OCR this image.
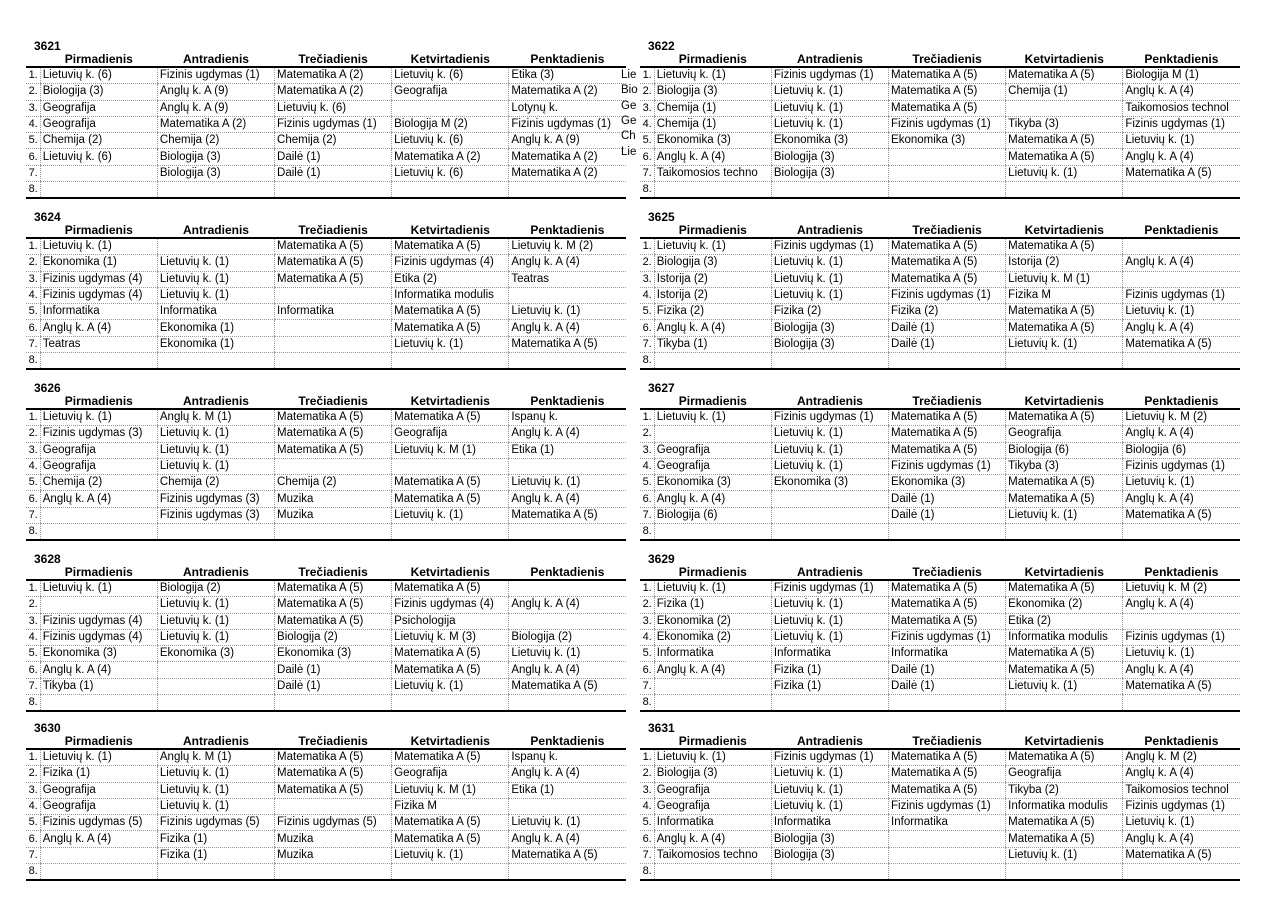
3621
	Pirmadienis	Antradienis	Trečiadienis	Ketvirtadienis	Penktadienis
1.	Lietuvių k. (6)	Fizinis ugdymas (1)	Matematika A (2)	Lietuvių k. (6)	Etika (3)
2.	Biologija (3)	Anglų k. A (9)	Matematika A (2)	Geografija	Matematika A (2)
3.	Geografija	Anglų k. A (9)	Lietuvių k. (6)		Lotynų k.
4.	Geografija	Matematika A (2)	Fizinis ugdymas (1)	Biologija M (2)	Fizinis ugdymas (1)
5.	Chemija (2)	Chemija (2)	Chemija (2)	Lietuvių k. (6)	Anglų k. A (9)
6.	Lietuvių k. (6)	Biologija (3)	Dailė (1)	Matematika A (2)	Matematika A (2)
7.		Biologija (3)	Dailė (1)	Lietuvių k. (6)	Matematika A (2)
8.					
3622
	Pirmadienis	Antradienis	Trečiadienis	Ketvirtadienis	Penktadienis
1.	Lietuvių k. (1)	Fizinis ugdymas (1)	Matematika A (5)	Matematika A (5)	Biologija M (1)
2.	Biologija (3)	Lietuvių k. (1)	Matematika A (5)	Chemija (1)	Anglų k. A (4)
3.	Chemija (1)	Lietuvių k. (1)	Matematika A (5)		Taikomosios technol
4.	Chemija (1)	Lietuvių k. (1)	Fizinis ugdymas (1)	Tikyba (3)	Fizinis ugdymas (1)
5.	Ekonomika (3)	Ekonomika (3)	Ekonomika (3)	Matematika A (5)	Lietuvių k. (1)
6.	Anglų k. A (4)	Biologija (3)		Matematika A (5)	Anglų k. A (4)
7.	Taikomosios techno	Biologija (3)		Lietuvių k. (1)	Matematika A (5)
8.					
3624
	Pirmadienis	Antradienis	Trečiadienis	Ketvirtadienis	Penktadienis
1.	Lietuvių k. (1)		Matematika A (5)	Matematika A (5)	Lietuvių k. M (2)
2.	Ekonomika (1)	Lietuvių k. (1)	Matematika A (5)	Fizinis ugdymas (4)	Anglų k. A (4)
3.	Fizinis ugdymas (4)	Lietuvių k. (1)	Matematika A (5)	Etika (2)	Teatras
4.	Fizinis ugdymas (4)	Lietuvių k. (1)		Informatika modulis	
5.	Informatika	Informatika	Informatika	Matematika A (5)	Lietuvių k. (1)
6.	Anglų k. A (4)	Ekonomika (1)		Matematika A (5)	Anglų k. A (4)
7.	Teatras	Ekonomika (1)		Lietuvių k. (1)	Matematika A (5)
8.					
3625
	Pirmadienis	Antradienis	Trečiadienis	Ketvirtadienis	Penktadienis
1.	Lietuvių k. (1)	Fizinis ugdymas (1)	Matematika A (5)	Matematika A (5)	
2.	Biologija (3)	Lietuvių k. (1)	Matematika A (5)	Istorija (2)	Anglų k. A (4)
3.	Istorija (2)	Lietuvių k. (1)	Matematika A (5)	Lietuvių k. M (1)	
4.	Istorija (2)	Lietuvių k. (1)	Fizinis ugdymas (1)	Fizika M	Fizinis ugdymas (1)
5.	Fizika (2)	Fizika (2)	Fizika (2)	Matematika A (5)	Lietuvių k. (1)
6.	Anglų k. A (4)	Biologija (3)	Dailė (1)	Matematika A (5)	Anglų k. A (4)
7.	Tikyba (1)	Biologija (3)	Dailė (1)	Lietuvių k. (1)	Matematika A (5)
8.					
3626
	Pirmadienis	Antradienis	Trečiadienis	Ketvirtadienis	Penktadienis
1.	Lietuvių k. (1)	Anglų k. M (1)	Matematika A (5)	Matematika A (5)	Ispanų k.
2.	Fizinis ugdymas (3)	Lietuvių k. (1)	Matematika A (5)	Geografija	Anglų k. A (4)
3.	Geografija	Lietuvių k. (1)	Matematika A (5)	Lietuvių k. M (1)	Etika (1)
4.	Geografija	Lietuvių k. (1)			
5.	Chemija (2)	Chemija (2)	Chemija (2)	Matematika A (5)	Lietuvių k. (1)
6.	Anglų k. A (4)	Fizinis ugdymas (3)	Muzika	Matematika A (5)	Anglų k. A (4)
7.		Fizinis ugdymas (3)	Muzika	Lietuvių k. (1)	Matematika A (5)
8.					
3627
	Pirmadienis	Antradienis	Trečiadienis	Ketvirtadienis	Penktadienis
1.	Lietuvių k. (1)	Fizinis ugdymas (1)	Matematika A (5)	Matematika A (5)	Lietuvių k. M (2)
2.		Lietuvių k. (1)	Matematika A (5)	Geografija	Anglų k. A (4)
3.	Geografija	Lietuvių k. (1)	Matematika A (5)	Biologija (6)	Biologija (6)
4.	Geografija	Lietuvių k. (1)	Fizinis ugdymas (1)	Tikyba (3)	Fizinis ugdymas (1)
5.	Ekonomika (3)	Ekonomika (3)	Ekonomika (3)	Matematika A (5)	Lietuvių k. (1)
6.	Anglų k. A (4)		Dailė (1)	Matematika A (5)	Anglų k. A (4)
7.	Biologija (6)		Dailė (1)	Lietuvių k. (1)	Matematika A (5)
8.					
3628
	Pirmadienis	Antradienis	Trečiadienis	Ketvirtadienis	Penktadienis
1.	Lietuvių k. (1)	Biologija (2)	Matematika A (5)	Matematika A (5)	
2.		Lietuvių k. (1)	Matematika A (5)	Fizinis ugdymas (4)	Anglų k. A (4)
3.	Fizinis ugdymas (4)	Lietuvių k. (1)	Matematika A (5)	Psichologija	
4.	Fizinis ugdymas (4)	Lietuvių k. (1)	Biologija (2)	Lietuvių k. M (3)	Biologija (2)
5.	Ekonomika (3)	Ekonomika (3)	Ekonomika (3)	Matematika A (5)	Lietuvių k. (1)
6.	Anglų k. A (4)		Dailė (1)	Matematika A (5)	Anglų k. A (4)
7.	Tikyba (1)		Dailė (1)	Lietuvių k. (1)	Matematika A (5)
8.					
3629
	Pirmadienis	Antradienis	Trečiadienis	Ketvirtadienis	Penktadienis
1.	Lietuvių k. (1)	Fizinis ugdymas (1)	Matematika A (5)	Matematika A (5)	Lietuvių k. M (2)
2.	Fizika (1)	Lietuvių k. (1)	Matematika A (5)	Ekonomika (2)	Anglų k. A (4)
3.	Ekonomika (2)	Lietuvių k. (1)	Matematika A (5)	Etika (2)	
4.	Ekonomika (2)	Lietuvių k. (1)	Fizinis ugdymas (1)	Informatika modulis	Fizinis ugdymas (1)
5.	Informatika	Informatika	Informatika	Matematika A (5)	Lietuvių k. (1)
6.	Anglų k. A (4)	Fizika (1)	Dailė (1)	Matematika A (5)	Anglų k. A (4)
7.		Fizika (1)	Dailė (1)	Lietuvių k. (1)	Matematika A (5)
8.					
3630
	Pirmadienis	Antradienis	Trečiadienis	Ketvirtadienis	Penktadienis
1.	Lietuvių k. (1)	Anglų k. M (1)	Matematika A (5)	Matematika A (5)	Ispanų k.
2.	Fizika (1)	Lietuvių k. (1)	Matematika A (5)	Geografija	Anglų k. A (4)
3.	Geografija	Lietuvių k. (1)	Matematika A (5)	Lietuvių k. M (1)	Etika (1)
4.	Geografija	Lietuvių k. (1)		Fizika M	
5.	Fizinis ugdymas (5)	Fizinis ugdymas (5)	Fizinis ugdymas (5)	Matematika A (5)	Lietuvių k. (1)
6.	Anglų k. A (4)	Fizika (1)	Muzika	Matematika A (5)	Anglų k. A (4)
7.		Fizika (1)	Muzika	Lietuvių k. (1)	Matematika A (5)
8.					
3631
	Pirmadienis	Antradienis	Trečiadienis	Ketvirtadienis	Penktadienis
1.	Lietuvių k. (1)	Fizinis ugdymas (1)	Matematika A (5)	Matematika A (5)	Anglų k. M (2)
2.	Biologija (3)	Lietuvių k. (1)	Matematika A (5)	Geografija	Anglų k. A (4)
3.	Geografija	Lietuvių k. (1)	Matematika A (5)	Tikyba (2)	Taikomosios technol
4.	Geografija	Lietuvių k. (1)	Fizinis ugdymas (1)	Informatika modulis	Fizinis ugdymas (1)
5.	Informatika	Informatika	Informatika	Matematika A (5)	Lietuvių k. (1)
6.	Anglų k. A (4)	Biologija (3)		Matematika A (5)	Anglų k. A (4)
7.	Taikomosios techno	Biologija (3)		Lietuvių k. (1)	Matematika A (5)
8.					
Lie
Bio
Ge
Ge
Ch
Lie
